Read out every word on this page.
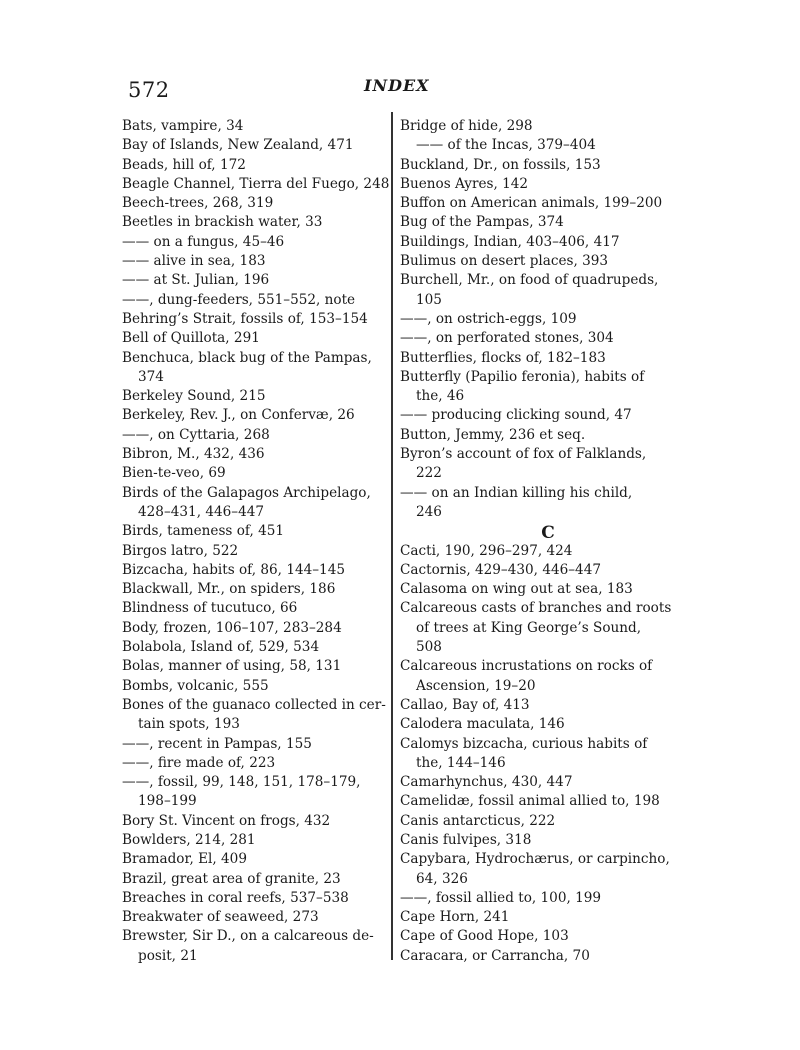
572	INDEX
Bats, vampire, 34
Bay of Islands, New Zealand, 471
Beads, hill of, 172
Beagle Channel, Tierra del Fuego, 248
Beech-trees, 268, 319
Beetles in brackish water, 33
—— on a fungus, 45–46
—— alive in sea, 183
—— at St. Julian, 196
——, dung-feeders, 551–552, note
Behring’s Strait, fossils of, 153–154
Bell of Quillota, 291
Benchuca, black bug of the Pampas,
374
Berkeley Sound, 215
Berkeley, Rev. J., on Confervæ, 26
——, on Cyttaria, 268
Bibron, M., 432, 436
Bien-te-veo, 69
Birds of the Galapagos Archipelago,
428–431, 446–447
Birds, tameness of, 451
Birgos latro, 522
Bizcacha, habits of, 86, 144–145
Blackwall, Mr., on spiders, 186
Blindness of tucutuco, 66
Body, frozen, 106–107, 283–284
Bolabola, Island of, 529, 534
Bolas, manner of using, 58, 131
Bombs, volcanic, 555
Bones of the guanaco collected in cer-
tain spots, 193
——, recent in Pampas, 155
——, fire made of, 223
——, fossil, 99, 148, 151, 178–179,
198–199
Bory St. Vincent on frogs, 432
Bowlders, 214, 281
Bramador, El, 409
Brazil, great area of granite, 23
Breaches in coral reefs, 537–538
Breakwater of seaweed, 273
Brewster, Sir D., on a calcareous de-
posit, 21
Bridge of hide, 298
—— of the Incas, 379–404
Buckland, Dr., on fossils, 153
Buenos Ayres, 142
Buffon on American animals, 199–200
Bug of the Pampas, 374
Buildings, Indian, 403–406, 417
Bulimus on desert places, 393
Burchell, Mr., on food of quadrupeds,
105
——, on ostrich-eggs, 109
——, on perforated stones, 304
Butterflies, flocks of, 182–183
Butterfly (Papilio feronia), habits of
the, 46
—— producing clicking sound, 47
Button, Jemmy, 236 et seq.
Byron’s account of fox of Falklands,
222
—— on an Indian killing his child,
246
C
Cacti, 190, 296–297, 424
Cactornis, 429–430, 446–447
Calasoma on wing out at sea, 183
Calcareous casts of branches and roots
of trees at King George’s Sound,
508
Calcareous incrustations on rocks of
Ascension, 19–20
Callao, Bay of, 413
Calodera maculata, 146
Calomys bizcacha, curious habits of
the, 144–146
Camarhynchus, 430, 447
Camelidæ, fossil animal allied to, 198
Canis antarcticus, 222
Canis fulvipes, 318
Capybara, Hydrochærus, or carpincho,
64, 326
——, fossil allied to, 100, 199
Cape Horn, 241
Cape of Good Hope, 103
Caracara, or Carrancha, 70
